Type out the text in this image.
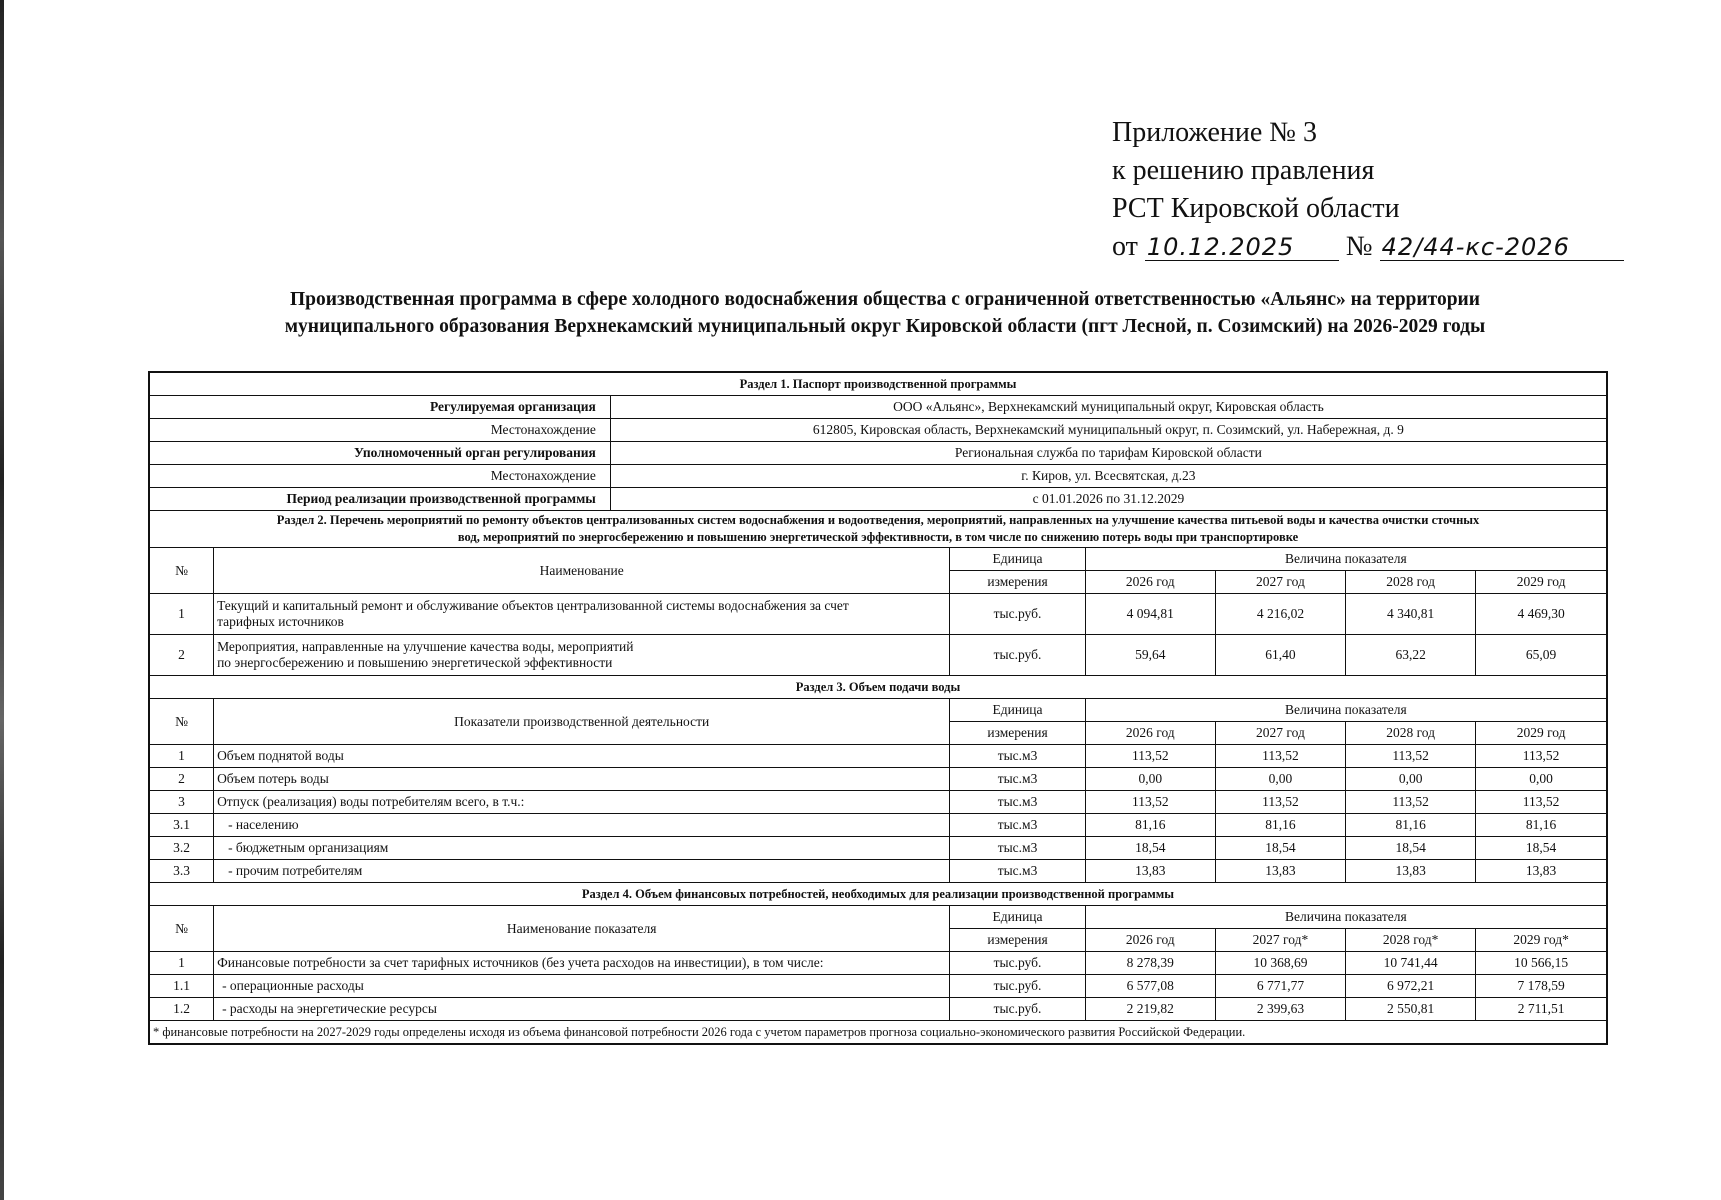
Приложение № 3
к решению правления
РСТ Кировской области
от 10.12.2025 № 42/44-кс-2026
Производственная программа в сфере холодного водоснабжения общества с ограниченной ответственностью «Альянс» на территории
муниципального образования Верхнекамский муниципальный округ Кировской области (пгт Лесной, п. Созимский) на 2026-2029 годы
Раздел 1. Паспорт производственной программы							
Регулируемая организация		ООО «Альянс», Верхнекамский муниципальный округ, Кировская область					
Местонахождение		612805, Кировская область, Верхнекамский муниципальный округ, п. Созимский, ул. Набережная, д. 9					
Уполномоченный орган регулирования		Региональная служба по тарифам Кировской области					
Местонахождение		г. Киров, ул. Всесвятская, д.23					
Период реализации производственной программы		с 01.01.2026 по 31.12.2029					

Раздел 2. Перечень мероприятий по ремонту объектов централизованных систем водоснабжения и водоотведения, мероприятий, направленных на улучшение качества питьевой воды и качества очистки сточных
вод, мероприятий по энергосбережению и повышению энергетической эффективности, в том числе по снижению потерь воды при транспортировке							

№	Наименование		Единица	Величина показателя			
			измерения	2026 год	2027 год	2028 год	2029 год
1	Текущий и капитальный ремонт и обслуживание объектов централизованной системы водоснабжения за счет
тарифных источников		тыс.руб.	4 094,81	4 216,02	4 340,81	4 469,30
2	Мероприятия, направленные на улучшение качества воды, мероприятий
по энергосбережению и повышению энергетической эффективности		тыс.руб.	59,64	61,40	63,22	65,09
Раздел 3. Объем подачи воды							
№	Показатели производственной деятельности		Единица	Величина показателя			
			измерения	2026 год	2027 год	2028 год	2029 год
1	Объем поднятой воды		тыс.м3	113,52	113,52	113,52	113,52
2	Объем потерь воды		тыс.м3	0,00	0,00	0,00	0,00
3	Отпуск (реализация) воды потребителям всего, в т.ч.:		тыс.м3	113,52	113,52	113,52	113,52
3.1	- населению		тыс.м3	81,16	81,16	81,16	81,16
3.2	- бюджетным организациям		тыс.м3	18,54	18,54	18,54	18,54
3.3	- прочим потребителям		тыс.м3	13,83	13,83	13,83	13,83
Раздел 4. Объем финансовых потребностей, необходимых для реализации производственной программы							
№	Наименование показателя		Единица	Величина показателя			
			измерения	2026 год	2027 год*	2028 год*	2029 год*
1	Финансовые потребности за счет тарифных источников (без учета расходов на инвестиции), в том числе:		тыс.руб.	8 278,39	10 368,69	10 741,44	10 566,15
1.1	- операционные расходы		тыс.руб.	6 577,08	6 771,77	6 972,21	7 178,59
1.2	- расходы на энергетические ресурсы		тыс.руб.	2 219,82	2 399,63	2 550,81	2 711,51
* финансовые потребности на 2027-2029 годы определены исходя из объема финансовой потребности 2026 года с учетом параметров прогноза социально-экономического развития Российской Федерации.							
